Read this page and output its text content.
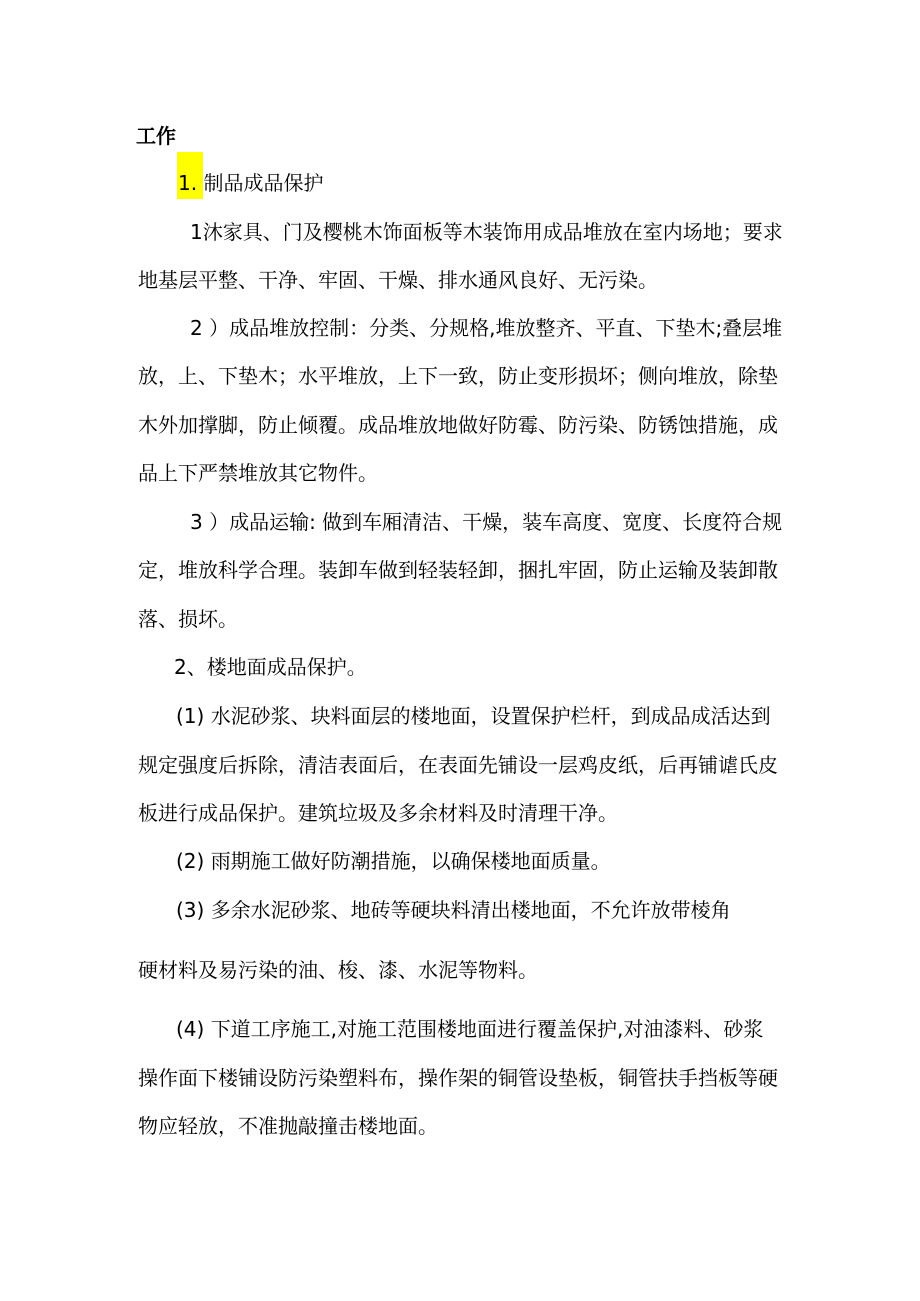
工作
1. 制品成品保护
1沐家具、门及樱桃木饰面板等木装饰用成品堆放在室内场地；要求
地基层平整、干净、牢固、干燥、排水通风良好、无污染。
2 ）成品堆放控制：分类、分规格,堆放整齐、平直、下垫木;叠层堆
放，上、下垫木；水平堆放，上下一致，防止变形损坏；侧向堆放，除垫
木外加撑脚，防止倾覆。成品堆放地做好防霉、防污染、防锈蚀措施，成
品上下严禁堆放其它物件。
3 ）成品运输: 做到车厢清洁、干燥，装车高度、宽度、长度符合规
定，堆放科学合理。装卸车做到轻装轻卸，捆扎牢固，防止运输及装卸散
落、损坏。
2、楼地面成品保护。
(1) 水泥砂浆、块料面层的楼地面，设置保护栏杆，到成品成活达到
规定强度后拆除，清洁表面后，在表面先铺设一层鸡皮纸，后再铺谑氏皮
板进行成品保护。建筑垃圾及多余材料及时清理干净。
(2) 雨期施工做好防潮措施，以确保楼地面质量。
(3) 多余水泥砂浆、地砖等硬块料清出楼地面，不允许放带棱角
硬材料及易污染的油、梭、漆、水泥等物料。
(4) 下道工序施工,对施工范围楼地面进行覆盖保护,对油漆料、砂浆
操作面下楼铺设防污染塑料布，操作架的铜管设垫板，铜管扶手挡板等硬
物应轻放，不准抛敲撞击楼地面。
